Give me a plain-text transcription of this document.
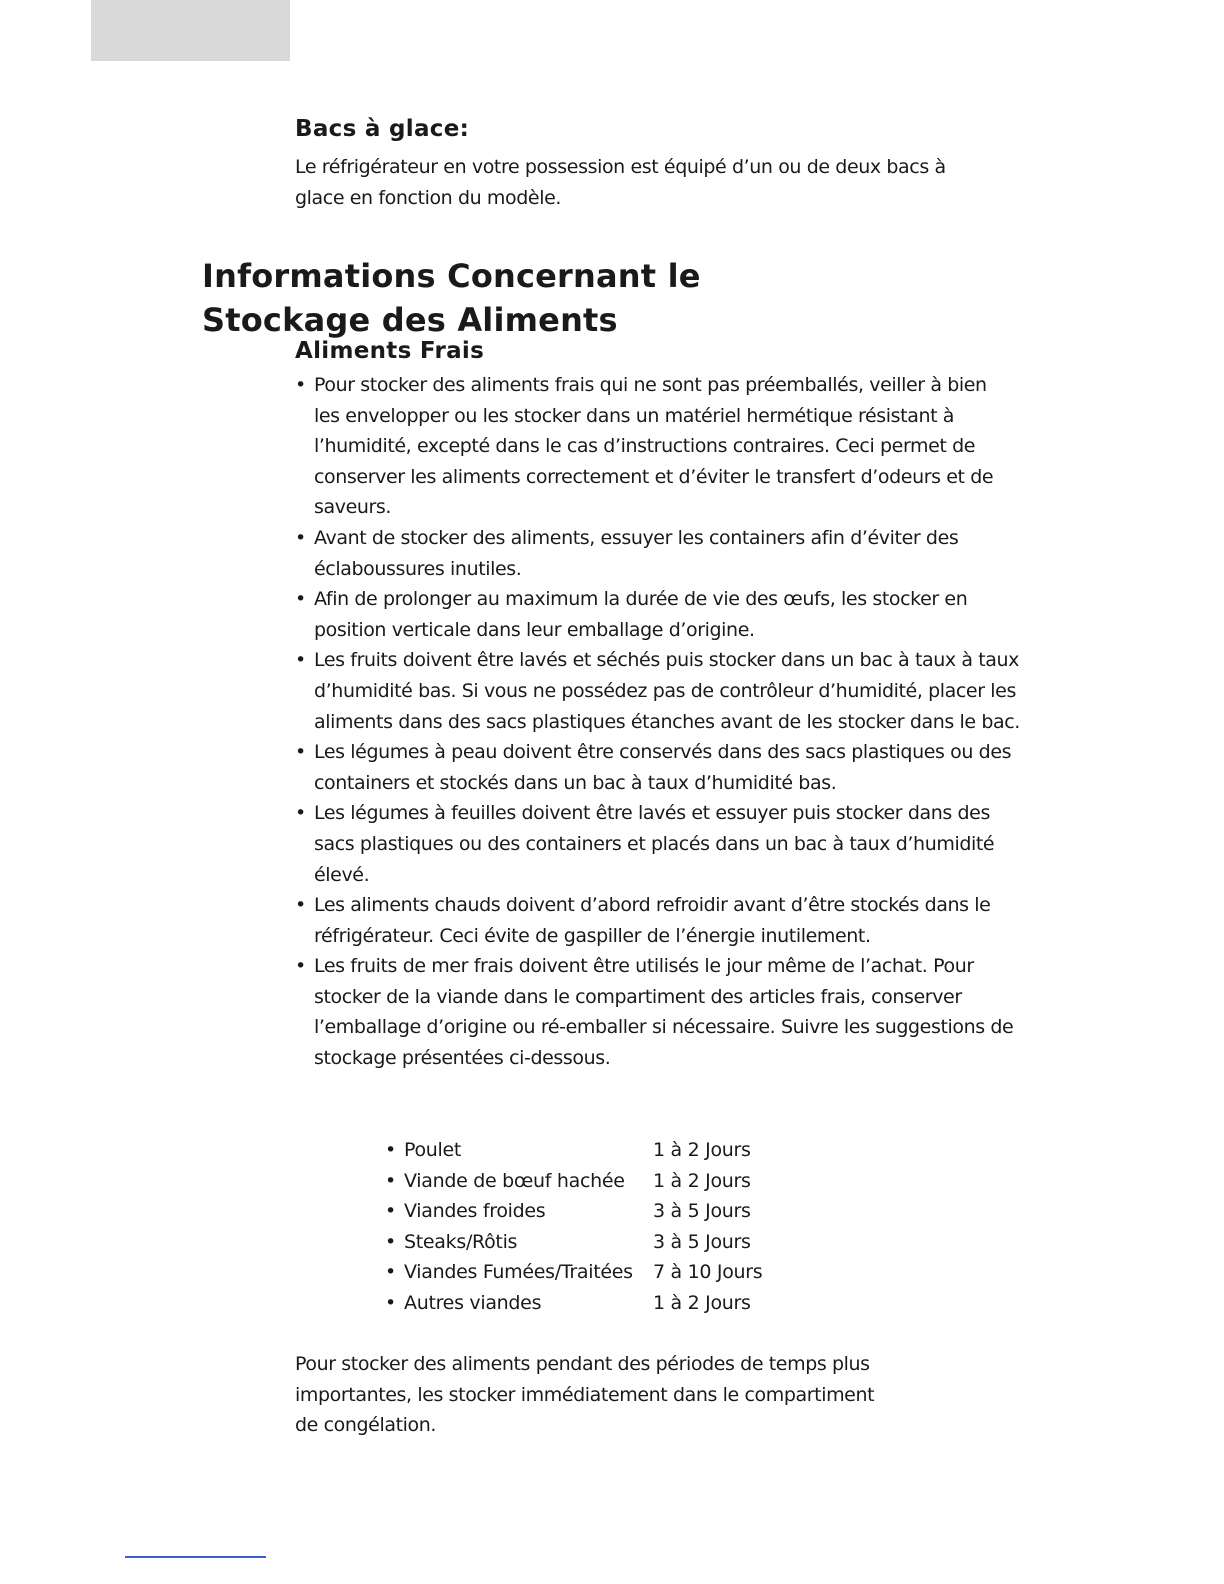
Bacs à glace:
Le réfrigérateur en votre possession est équipé d’un ou de deux bacs à
glace en fonction du modèle.
Informations Concernant le
Stockage des Aliments
Aliments Frais
• Pour stocker des aliments frais qui ne sont pas préemballés, veiller à bien les envelopper ou les stocker dans un matériel hermétique résistant à l’humidité, excepté dans le cas d’instructions contraires. Ceci permet de conserver les aliments correctement et d’éviter le transfert d’odeurs et de saveurs.
• Avant de stocker des aliments, essuyer les containers afin d’éviter des éclaboussures inutiles.
• Afin de prolonger au maximum la durée de vie des œufs, les stocker en position verticale dans leur emballage d’origine.
• Les fruits doivent être lavés et séchés puis stocker dans un bac à taux à taux d’humidité bas. Si vous ne possédez pas de contrôleur d’humidité, placer les aliments dans des sacs plastiques étanches avant de les stocker dans le bac.
• Les légumes à peau doivent être conservés dans des sacs plastiques ou des containers et stockés dans un bac à taux d’humidité bas.
• Les légumes à feuilles doivent être lavés et essuyer puis stocker dans des sacs plastiques ou des containers et placés dans un bac à taux d’humidité élevé.
• Les aliments chauds doivent d’abord refroidir avant d’être stockés dans le réfrigérateur. Ceci évite de gaspiller de l’énergie inutilement.
• Les fruits de mer frais doivent être utilisés le jour même de l’achat. Pour stocker de la viande dans le compartiment des articles frais, conserver l’emballage d’origine ou ré-emballer si nécessaire. Suivre les suggestions de stockage présentées ci-dessous.
• Poulet	1 à 2 Jours
• Viande de bœuf hachée	1 à 2 Jours
• Viandes froides	3 à 5 Jours
• Steaks/Rôtis	3 à 5 Jours
• Viandes Fumées/Traitées	7 à 10 Jours
• Autres viandes	1 à 2 Jours
Pour stocker des aliments pendant des périodes de temps plus
importantes, les stocker immédiatement dans le compartiment
de congélation.
